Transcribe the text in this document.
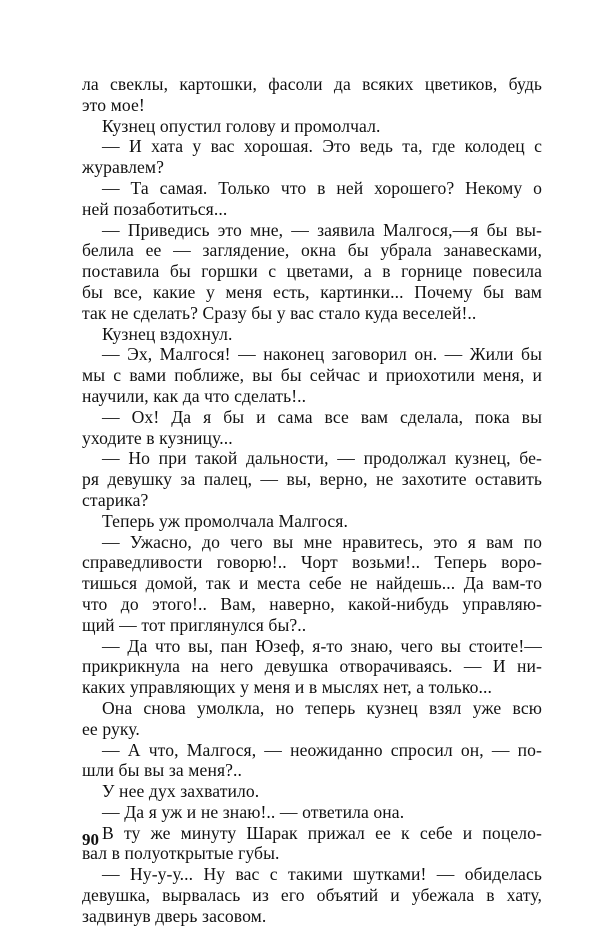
ла свеклы, картошки, фасоли да всяких цветиков, будь
это мое!
Кузнец опустил голову и промолчал.
— И хата у вас хорошая. Это ведь та, где колодец с
журавлем?
— Та самая. Только что в ней хорошего? Некому о
ней позаботиться...
— Приведись это мне, — заявила Малгося,—я бы вы-
белила ее — заглядение, окна бы убрала занавесками,
поставила бы горшки с цветами, а в горнице повесила
бы все, какие у меня есть, картинки... Почему бы вам
так не сделать? Сразу бы у вас стало куда веселей!..
Кузнец вздохнул.
— Эх, Малгося! — наконец заговорил он. — Жили бы
мы с вами поближе, вы бы сейчас и приохотили меня, и
научили, как да что сделать!..
— Ох! Да я бы и сама все вам сделала, пока вы
уходите в кузницу...
— Но при такой дальности, — продолжал кузнец, бе-
ря девушку за палец, — вы, верно, не захотите оставить
старика?
Теперь уж промолчала Малгося.
— Ужасно, до чего вы мне нравитесь, это я вам по
справедливости говорю!.. Чорт возьми!.. Теперь воро-
тишься домой, так и места себе не найдешь... Да вам-то
что до этого!.. Вам, наверно, какой-нибудь управляю-
щий — тот приглянулся бы?..
— Да что вы, пан Юзеф, я-то знаю, чего вы стоите!—
прикрикнула на него девушка отворачиваясь. — И ни-
каких управляющих у меня и в мыслях нет, а только...
Она снова умолкла, но теперь кузнец взял уже всю
ее руку.
— А что, Малгося, — неожиданно спросил он, — по-
шли бы вы за меня?..
У нее дух захватило.
— Да я уж и не знаю!.. — ответила она.
В ту же минуту Шарак прижал ее к себе и поцело-
вал в полуоткрытые губы.
— Ну-у-у... Ну вас с такими шутками! — обиделась
девушка, вырвалась из его объятий и убежала в хату,
задвинув дверь засовом.
90
